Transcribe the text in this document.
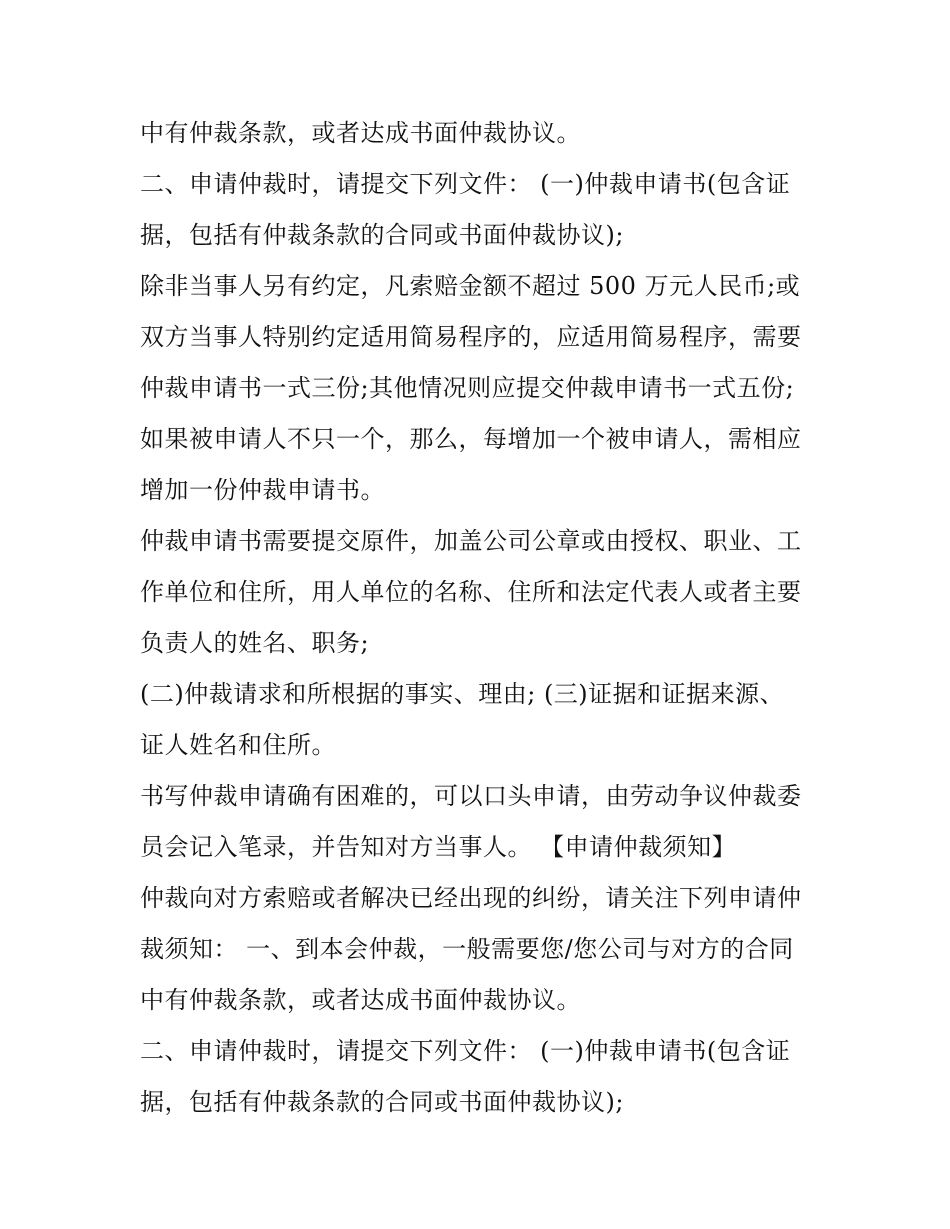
中有仲裁条款，或者达成书面仲裁协议。
二、申请仲裁时，请提交下列文件： (一)仲裁申请书(包含证
据，包括有仲裁条款的合同或书面仲裁协议);
除非当事人另有约定，凡索赔金额不超过 500 万元人民币;或
双方当事人特别约定适用简易程序的，应适用简易程序，需要
仲裁申请书一式三份;其他情况则应提交仲裁申请书一式五份;
如果被申请人不只一个，那么，每增加一个被申请人，需相应
增加一份仲裁申请书。
仲裁申请书需要提交原件，加盖公司公章或由授权、职业、工
作单位和住所，用人单位的名称、住所和法定代表人或者主要
负责人的姓名、职务;
(二)仲裁请求和所根据的事实、理由; (三)证据和证据来源、
证人姓名和住所。
书写仲裁申请确有困难的，可以口头申请，由劳动争议仲裁委
员会记入笔录，并告知对方当事人。 【申请仲裁须知】
仲裁向对方索赔或者解决已经出现的纠纷，请关注下列申请仲
裁须知： 一、到本会仲裁，一般需要您/您公司与对方的合同
中有仲裁条款，或者达成书面仲裁协议。
二、申请仲裁时，请提交下列文件： (一)仲裁申请书(包含证
据，包括有仲裁条款的合同或书面仲裁协议);
